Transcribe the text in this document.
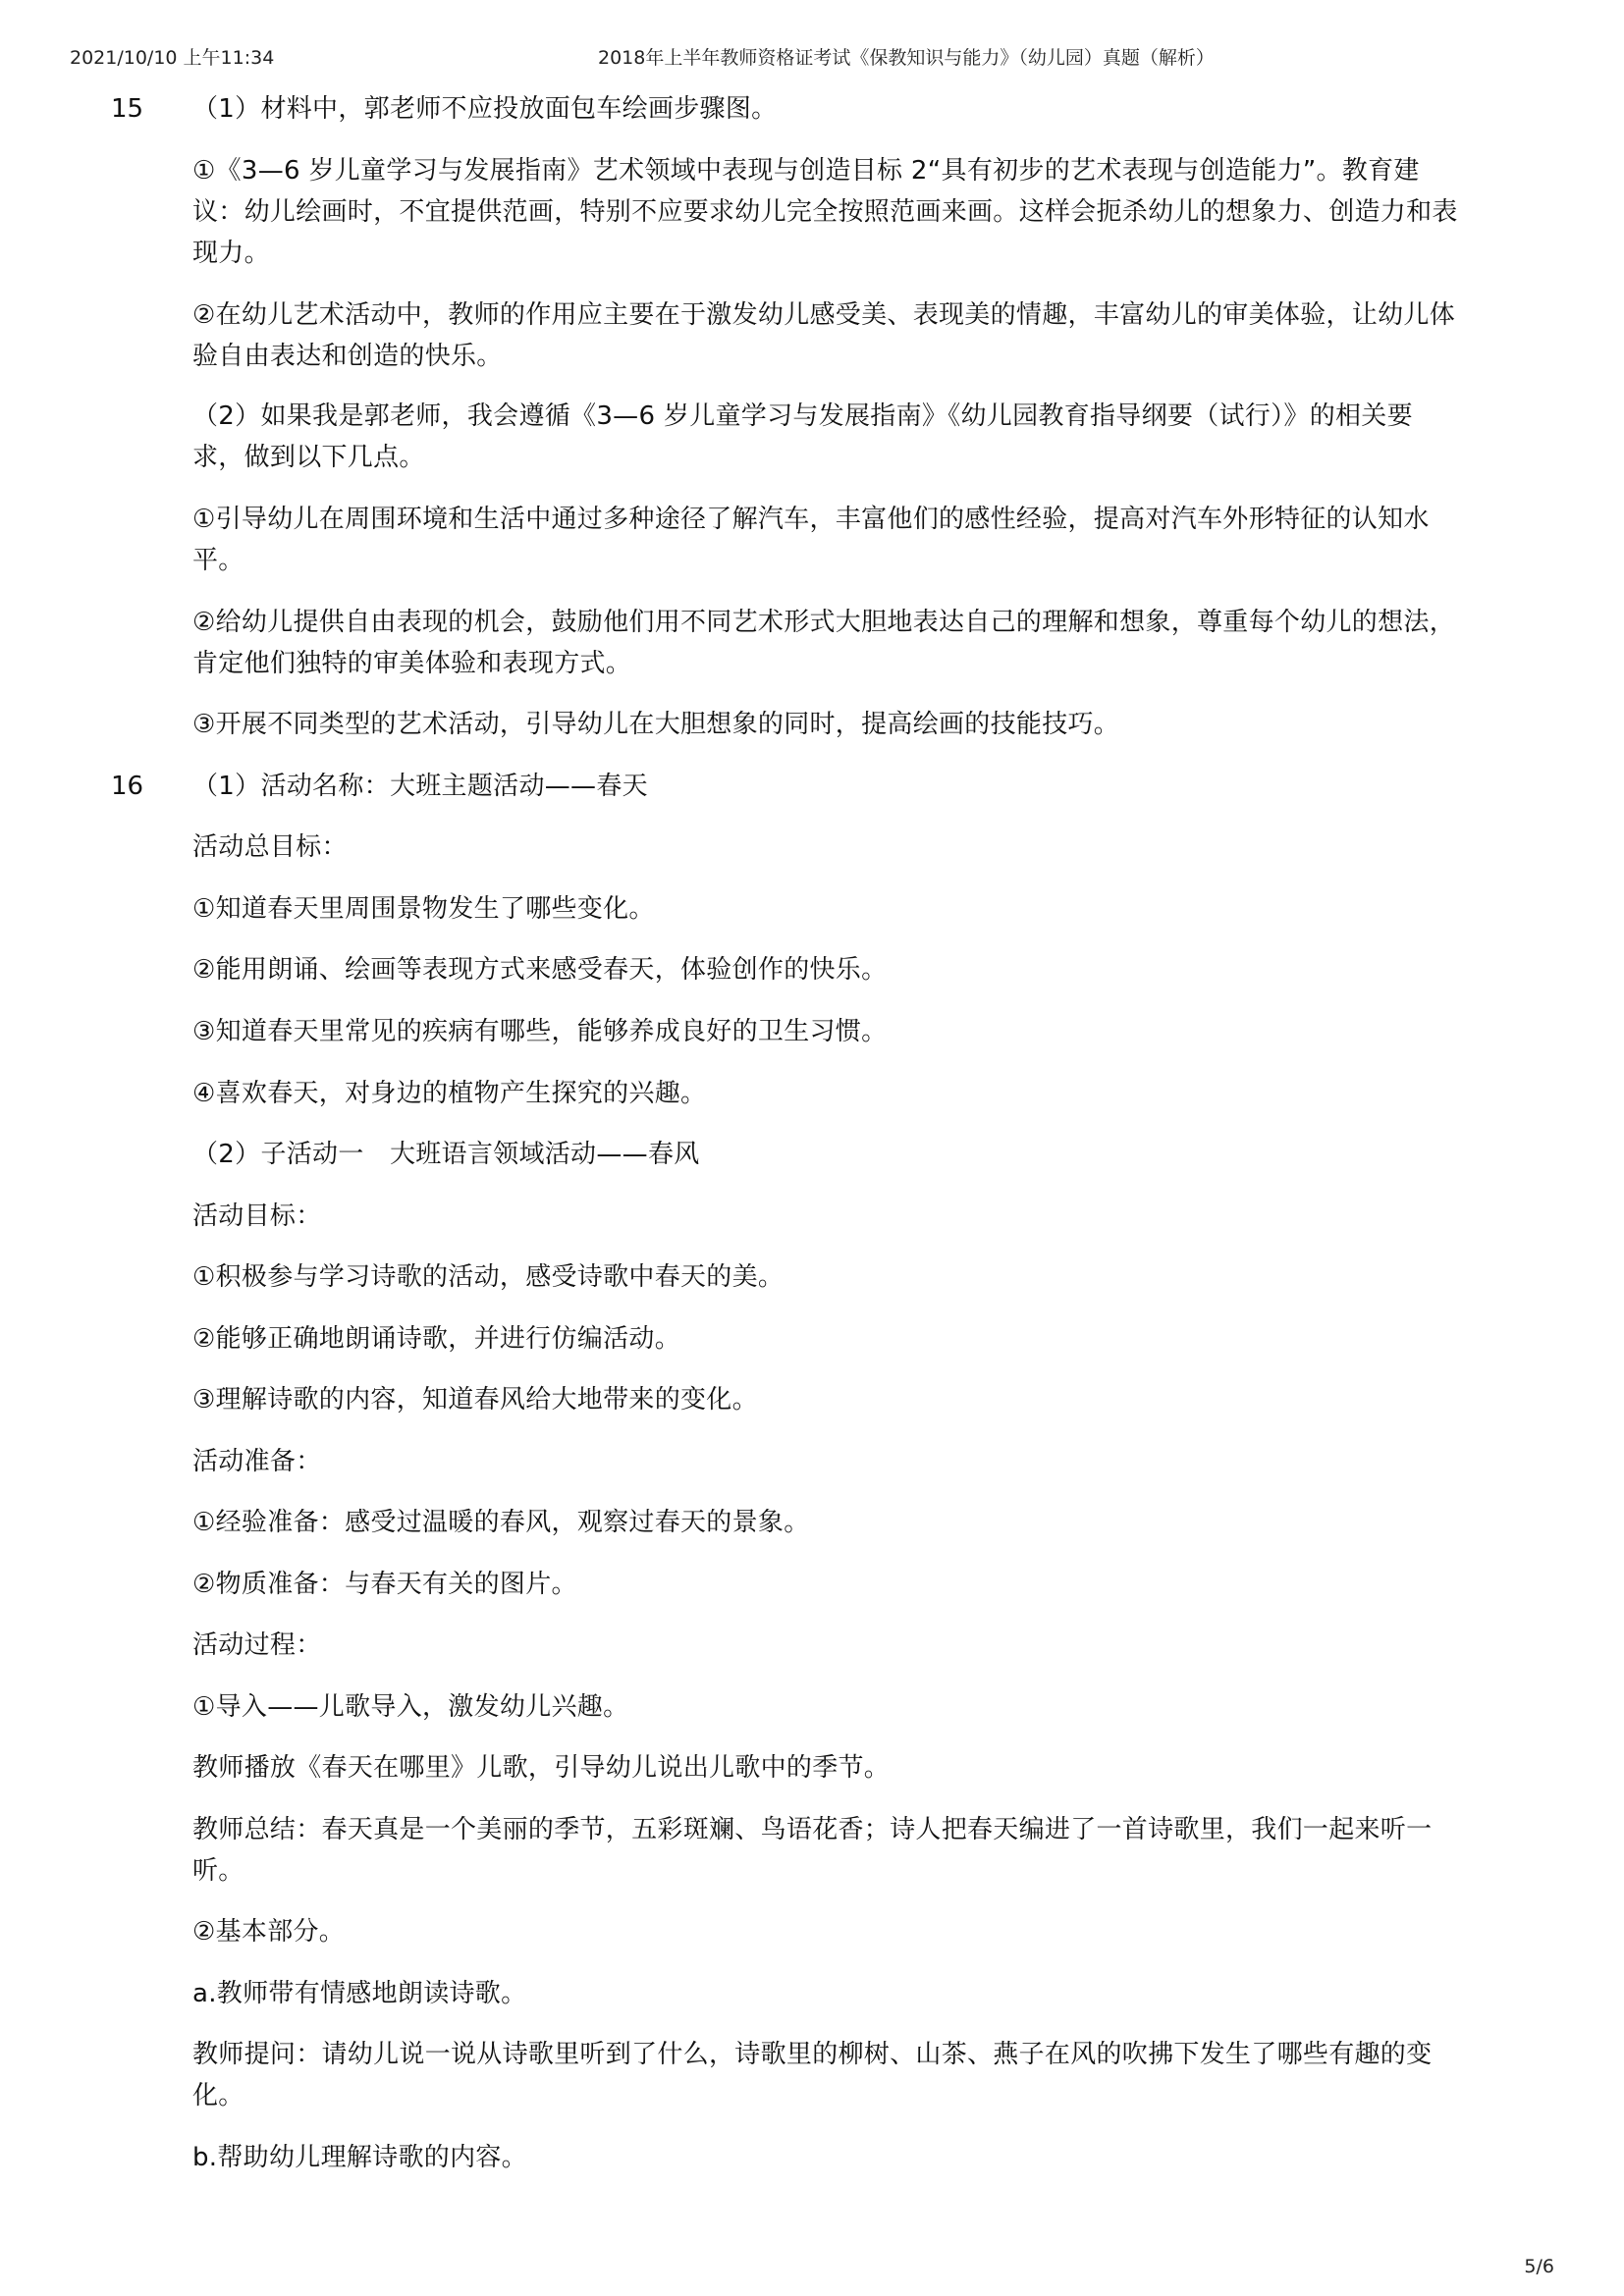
2021/10/10 上午11:34	2018年上半年教师资格证考试《保教知识与能力》（幼儿园）真题（解析）
15 （1）材料中，郭老师不应投放面包车绘画步骤图。
①《3—6 岁儿童学习与发展指南》艺术领域中表现与创造目标 2“具有初步的艺术表现与创造能力”。教育建议：幼儿绘画时，不宜提供范画，特别不应要求幼儿完全按照范画来画。这样会扼杀幼儿的想象力、创造力和表现力。
②在幼儿艺术活动中，教师的作用应主要在于激发幼儿感受美、表现美的情趣，丰富幼儿的审美体验，让幼儿体验自由表达和创造的快乐。
（2）如果我是郭老师，我会遵循《3—6 岁儿童学习与发展指南》《幼儿园教育指导纲要（试行）》的相关要求，做到以下几点。
①引导幼儿在周围环境和生活中通过多种途径了解汽车，丰富他们的感性经验，提高对汽车外形特征的认知水平。
②给幼儿提供自由表现的机会，鼓励他们用不同艺术形式大胆地表达自己的理解和想象，尊重每个幼儿的想法，肯定他们独特的审美体验和表现方式。
③开展不同类型的艺术活动，引导幼儿在大胆想象的同时，提高绘画的技能技巧。
16 （1）活动名称：大班主题活动——春天
活动总目标：
①知道春天里周围景物发生了哪些变化。
②能用朗诵、绘画等表现方式来感受春天，体验创作的快乐。
③知道春天里常见的疾病有哪些，能够养成良好的卫生习惯。
④喜欢春天，对身边的植物产生探究的兴趣。
（2）子活动一　大班语言领域活动——春风
活动目标：
①积极参与学习诗歌的活动，感受诗歌中春天的美。
②能够正确地朗诵诗歌，并进行仿编活动。
③理解诗歌的内容，知道春风给大地带来的变化。
活动准备：
①经验准备：感受过温暖的春风，观察过春天的景象。
②物质准备：与春天有关的图片。
活动过程：
①导入——儿歌导入，激发幼儿兴趣。
教师播放《春天在哪里》儿歌，引导幼儿说出儿歌中的季节。
教师总结：春天真是一个美丽的季节，五彩斑斓、鸟语花香；诗人把春天编进了一首诗歌里，我们一起来听一听。
②基本部分。
a.教师带有情感地朗读诗歌。
教师提问：请幼儿说一说从诗歌里听到了什么，诗歌里的柳树、山茶、燕子在风的吹拂下发生了哪些有趣的变化。
b.帮助幼儿理解诗歌的内容。
5/6
